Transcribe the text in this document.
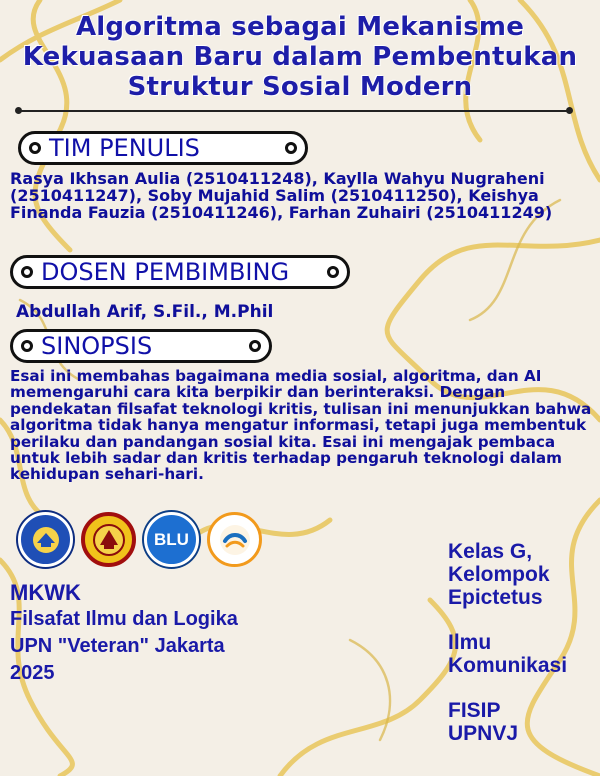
Algoritma sebagai Mekanisme
Kekuasaan Baru dalam Pembentukan
Struktur Sosial Modern
TIM PENULIS
Rasya Ikhsan Aulia (2510411248), Kaylla Wahyu Nugraheni (2510411247), Soby Mujahid Salim (2510411250), Keishya Finanda Fauzia (2510411246), Farhan Zuhairi (2510411249)
DOSEN PEMBIMBING
Abdullah Arif, S.Fil., M.Phil
SINOPSIS
Esai ini membahas bagaimana media sosial, algoritma, dan AI memengaruhi cara kita berpikir dan berinteraksi. Dengan pendekatan filsafat teknologi kritis, tulisan ini menunjukkan bahwa algoritma tidak hanya mengatur informasi, tetapi juga membentuk perilaku dan pandangan sosial kita. Esai ini mengajak pembaca untuk lebih sadar dan kritis terhadap pengaruh teknologi dalam kehidupan sehari-hari.
BLU
MKWK
Filsafat Ilmu dan Logika
UPN "Veteran" Jakarta
2025
Kelas G,
Kelompok
Epictetus
Ilmu
Komunikasi
FISIP
UPNVJ
